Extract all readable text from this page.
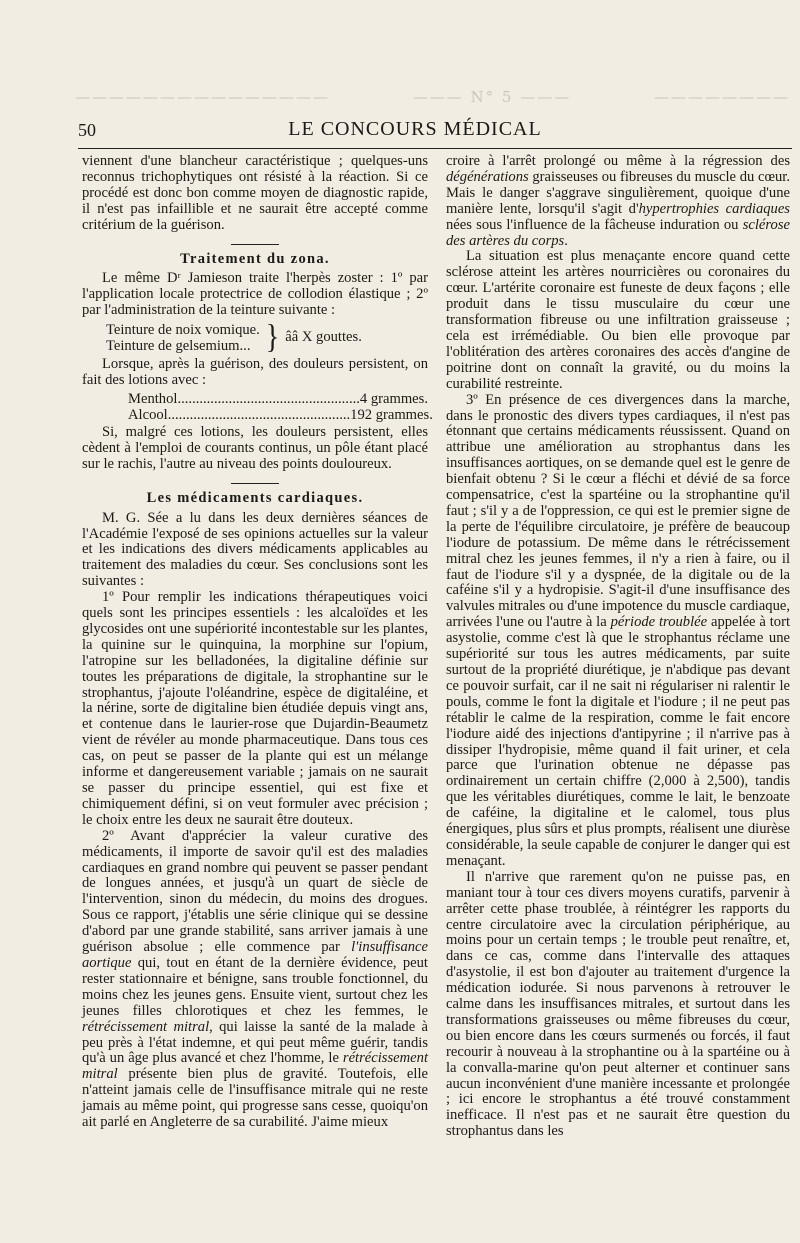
———————————————	——— N° 5 ———	————————
50	LE CONCOURS MÉDICAL

viennent d'une blancheur caractéristique ; quelques-uns reconnus trichophytiques ont résisté à la réaction. Si ce procédé est donc bon comme moyen de diagnostic rapide, il n'est pas infaillible et ne saurait être accepté comme critérium de la guérison.

Traitement du zona.

Le même Dʳ Jamieson traite l'herpès zoster : 1º par l'application locale protectrice de collodion élastique ; 2º par l'administration de la teinture suivante :

Teinture de noix vomique.
Teinture de gelsemium... } ââ X gouttes.

Lorsque, après la guérison, des douleurs persistent, on fait des lotions avec :

Menthol .................................................. 4 grammes.
Alcool .................................................. 192 grammes.

Si, malgré ces lotions, les douleurs persistent, elles cèdent à l'emploi de courants continus, un pôle étant placé sur le rachis, l'autre au niveau des points douloureux.

Les médicaments cardiaques.

M. G. Sée a lu dans les deux dernières séances de l'Académie l'exposé de ses opinions actuelles sur la valeur et les indications des divers médicaments applicables au traitement des maladies du cœur. Ses conclusions sont les suivantes :

1º Pour remplir les indications thérapeutiques voici quels sont les principes essentiels : les alcaloïdes et les glycosides ont une supériorité incontestable sur les plantes, la quinine sur le quinquina, la morphine sur l'opium, l'atropine sur les belladonées, la digitaline définie sur toutes les préparations de digitale, la strophantine sur le strophantus, j'ajoute l'oléandrine, espèce de digitaléine, et la nérine, sorte de digitaline bien étudiée depuis vingt ans, et contenue dans le laurier-rose que Dujardin-Beaumetz vient de révéler au monde pharmaceutique. Dans tous ces cas, on peut se passer de la plante qui est un mélange informe et dangereusement variable ; jamais on ne saurait se passer du principe essentiel, qui est fixe et chimiquement défini, si on veut formuler avec précision ; le choix entre les deux ne saurait être douteux.

2º Avant d'apprécier la valeur curative des médicaments, il importe de savoir qu'il est des maladies cardiaques en grand nombre qui peuvent se passer pendant de longues années, et jusqu'à un quart de siècle de l'intervention, sinon du médecin, du moins des drogues. Sous ce rapport, j'établis une série clinique qui se dessine d'abord par une grande stabilité, sans arriver jamais à une guérison absolue ; elle commence par l'insuffisance aortique qui, tout en étant de la dernière évidence, peut rester stationnaire et bénigne, sans trouble fonctionnel, du moins chez les jeunes gens. Ensuite vient, surtout chez les jeunes filles chlorotiques et chez les femmes, le rétrécissement mitral, qui laisse la santé de la malade à peu près à l'état indemne, et qui peut même guérir, tandis qu'à un âge plus avancé et chez l'homme, le rétrécissement mitral présente bien plus de gravité. Toutefois, elle n'atteint jamais celle de l'insuffisance mitrale qui ne reste jamais au même point, qui progresse sans cesse, quoiqu'on ait parlé en Angleterre de sa curabilité. J'aime mieux

croire à l'arrêt prolongé ou même à la régression des dégénérations graisseuses ou fibreuses du muscle du cœur. Mais le danger s'aggrave singulièrement, quoique d'une manière lente, lorsqu'il s'agit d'hypertrophies cardiaques nées sous l'influence de la fâcheuse induration ou sclérose des artères du corps.

La situation est plus menaçante encore quand cette sclérose atteint les artères nourricières ou coronaires du cœur. L'artérite coronaire est funeste de deux façons ; elle produit dans le tissu musculaire du cœur une transformation fibreuse ou une infiltration graisseuse ; cela est irrémédiable. Ou bien elle provoque par l'oblitération des artères coronaires des accès d'angine de poitrine dont on connaît la gravité, ou du moins la curabilité restreinte.

3º En présence de ces divergences dans la marche, dans le pronostic des divers types cardiaques, il n'est pas étonnant que certains médicaments réussissent. Quand on attribue une amélioration au strophantus dans les insuffisances aortiques, on se demande quel est le genre de bienfait obtenu ? Si le cœur a fléchi et dévié de sa force compensatrice, c'est la spartéine ou la strophantine qu'il faut ; s'il y a de l'oppression, ce qui est le premier signe de la perte de l'équilibre circulatoire, je préfère de beaucoup l'iodure de potassium. De même dans le rétrécissement mitral chez les jeunes femmes, il n'y a rien à faire, ou il faut de l'iodure s'il y a dyspnée, de la digitale ou de la caféine s'il y a hydropisie. S'agit-il d'une insuffisance des valvules mitrales ou d'une impotence du muscle cardiaque, arrivées l'une ou l'autre à la période troublée appelée à tort asystolie, comme c'est là que le strophantus réclame une supériorité sur tous les autres médicaments, par suite surtout de la propriété diurétique, je n'abdique pas devant ce pouvoir surfait, car il ne sait ni régulariser ni ralentir le pouls, comme le font la digitale et l'iodure ; il ne peut pas rétablir le calme de la respiration, comme le fait encore l'iodure aidé des injections d'antipyrine ; il n'arrive pas à dissiper l'hydropisie, même quand il fait uriner, et cela parce que l'urination obtenue ne dépasse pas ordinairement un certain chiffre (2,000 à 2,500), tandis que les véritables diurétiques, comme le lait, le benzoate de caféine, la digitaline et le calomel, tous plus énergiques, plus sûrs et plus prompts, réalisent une diurèse considérable, la seule capable de conjurer le danger qui est menaçant.

Il n'arrive que rarement qu'on ne puisse pas, en maniant tour à tour ces divers moyens curatifs, parvenir à arrêter cette phase troublée, à réintégrer les rapports du centre circulatoire avec la circulation périphérique, au moins pour un certain temps ; le trouble peut renaître, et, dans ce cas, comme dans l'intervalle des attaques d'asystolie, il est bon d'ajouter au traitement d'urgence la médication iodurée. Si nous parvenons à retrouver le calme dans les insuffisances mitrales, et surtout dans les transformations graisseuses ou même fibreuses du cœur, ou bien encore dans les cœurs surmenés ou forcés, il faut recourir à nouveau à la strophantine ou à la spartéine ou à la convalla-marine qu'on peut alterner et continuer sans aucun inconvénient d'une manière incessante et prolongée ; ici encore le strophantus a été trouvé constamment inefficace. Il n'est pas et ne saurait être question du strophantus dans les
